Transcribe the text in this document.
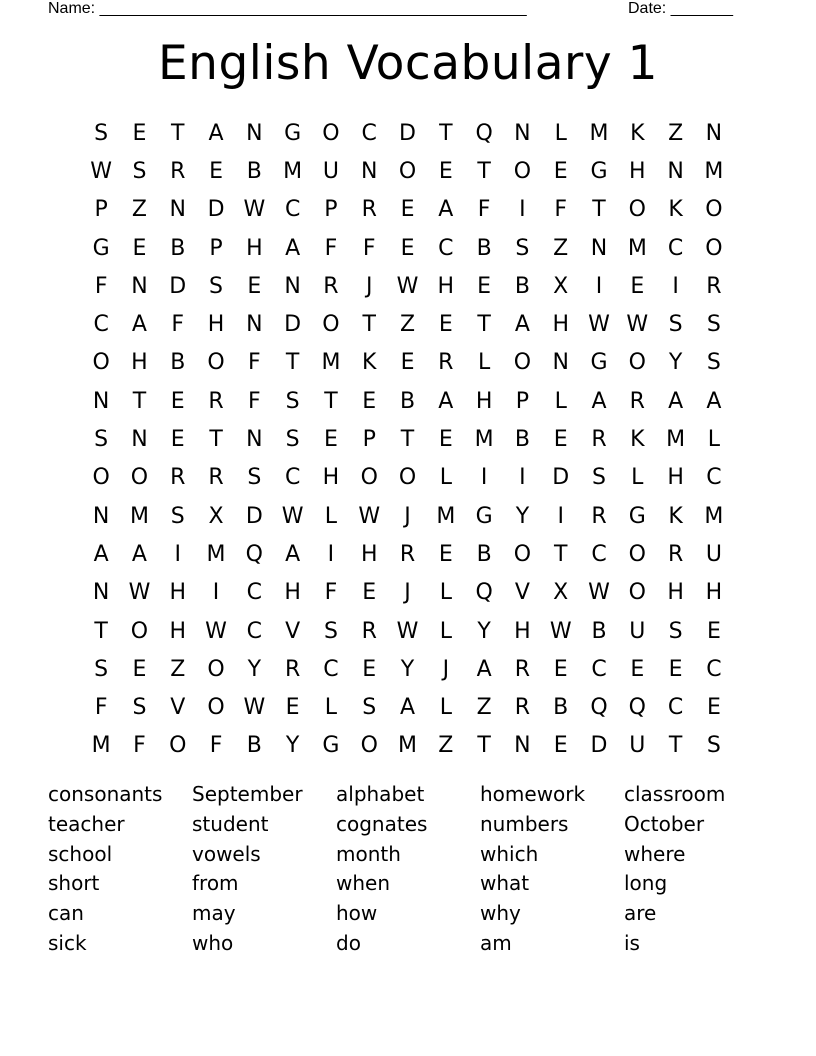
Name: ________________________________________________	Date: _______
English Vocabulary 1
S	E	T	A	N G O C	D	T	Q N	L	M K	Z	N
W S	R	E	B M U	N O	E	T	O	E	G H N M
P	Z	N D W C	P	R	E	A	F	I	F	T	O	K	O
G	E	B	P	H	A	F	F	E	C	B	S	Z	N M C O
F	N D	S	E	N	R	J	W H	E	B	X	I	E	I	R
C	A	F	H N D O	T	Z	E	T	A	H W W S	S
O H	B	O	F	T	M K	E	R	L	O N G O	Y	S
N	T	E	R	F	S	T	E	B	A	H	P	L	A	R	A	A
S	N	E	T	N	S	E	P	T	E M B	E	R	K M	L
O O R	R	S	C	H O O	L	I	I	D	S	L	H	C
N M S	X	D W L W	J	M G	Y	I	R	G	K M
A	A	I	M Q	A	I	H	R	E	B	O	T	C O R	U
N W H	I	C	H	F	E	J	L	Q	V	X W O H H
T	O H W C	V	S	R W L	Y	H W B	U	S	E
S	E	Z	O	Y	R	C	E	Y	J	A	R	E	C	E	E	C
F	S	V	O W E	L	S	A	L	Z	R	B	Q Q C	E
M	F	O	F	B	Y	G O M Z	T	N	E	D U	T	S
consonants	September	alphabet	homework	classroom
teacher	student	cognates	numbers	October
school	vowels	month	which	where
short	from	when	what	long
can	may	how	why	are
sick	who	do	am	is
